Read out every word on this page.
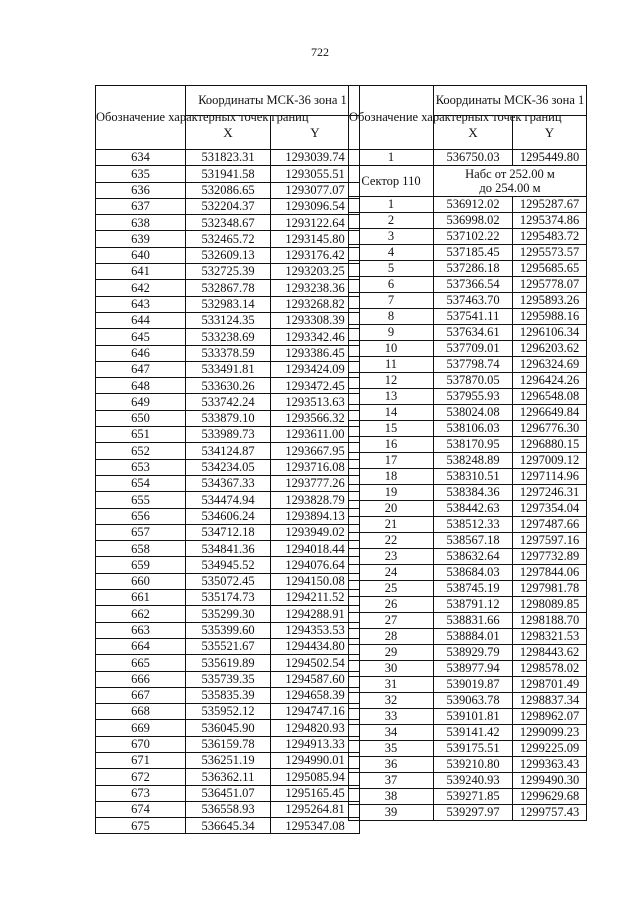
722
Обозначение характерных точек границ	Координаты МСК-36 зона 1	
	X	Y
634	531823.31	1293039.74
635	531941.58	1293055.51
636	532086.65	1293077.07
637	532204.37	1293096.54
638	532348.67	1293122.64
639	532465.72	1293145.80
640	532609.13	1293176.42
641	532725.39	1293203.25
642	532867.78	1293238.36
643	532983.14	1293268.82
644	533124.35	1293308.39
645	533238.69	1293342.46
646	533378.59	1293386.45
647	533491.81	1293424.09
648	533630.26	1293472.45
649	533742.24	1293513.63
650	533879.10	1293566.32
651	533989.73	1293611.00
652	534124.87	1293667.95
653	534234.05	1293716.08
654	534367.33	1293777.26
655	534474.94	1293828.79
656	534606.24	1293894.13
657	534712.18	1293949.02
658	534841.36	1294018.44
659	534945.52	1294076.64
660	535072.45	1294150.08
661	535174.73	1294211.52
662	535299.30	1294288.91
663	535399.60	1294353.53
664	535521.67	1294434.80
665	535619.89	1294502.54
666	535739.35	1294587.60
667	535835.39	1294658.39
668	535952.12	1294747.16
669	536045.90	1294820.93
670	536159.78	1294913.33
671	536251.19	1294990.01
672	536362.11	1295085.94
673	536451.07	1295165.45
674	536558.93	1295264.81
675	536645.34	1295347.08
Обозначение характерных точек границ	Координаты МСК-36 зона 1	
	X	Y
1	536750.03	1295449.80
Сектор 110	Набс от 252.00 м
до 254.00 м	

1	536912.02	1295287.67
2	536998.02	1295374.86
3	537102.22	1295483.72
4	537185.45	1295573.57
5	537286.18	1295685.65
6	537366.54	1295778.07
7	537463.70	1295893.26
8	537541.11	1295988.16
9	537634.61	1296106.34
10	537709.01	1296203.62
11	537798.74	1296324.69
12	537870.05	1296424.26
13	537955.93	1296548.08
14	538024.08	1296649.84
15	538106.03	1296776.30
16	538170.95	1296880.15
17	538248.89	1297009.12
18	538310.51	1297114.96
19	538384.36	1297246.31
20	538442.63	1297354.04
21	538512.33	1297487.66
22	538567.18	1297597.16
23	538632.64	1297732.89
24	538684.03	1297844.06
25	538745.19	1297981.78
26	538791.12	1298089.85
27	538831.66	1298188.70
28	538884.01	1298321.53
29	538929.79	1298443.62
30	538977.94	1298578.02
31	539019.87	1298701.49
32	539063.78	1298837.34
33	539101.81	1298962.07
34	539141.42	1299099.23
35	539175.51	1299225.09
36	539210.80	1299363.43
37	539240.93	1299490.30
38	539271.85	1299629.68
39	539297.97	1299757.43
